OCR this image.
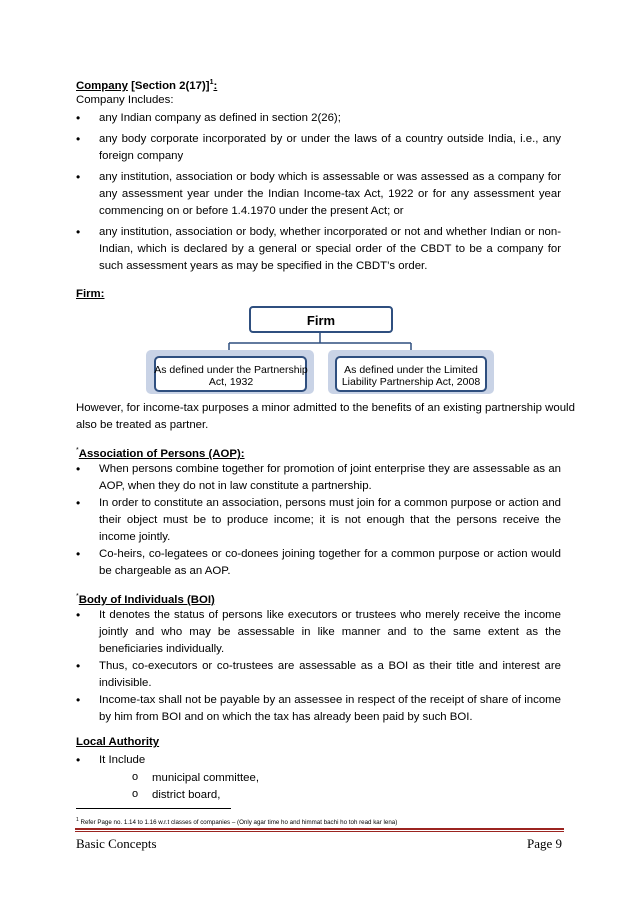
Company [Section 2(17)]$^1$:
Company Includes:
• any Indian company as defined in section 2(26);
• any body corporate incorporated by or under the laws of a country outside India, i.e., any foreign company
• any institution, association or body which is assessable or was assessed as a company for any assessment year under the Indian Income-tax Act, 1922 or for any assessment year commencing on or before 1.4.1970 under the present Act; or
• any institution, association or body, whether incorporated or not and whether Indian or non-Indian, which is declared by a general or special order of the CBDT to be a company for such assessment years as may be specified in the CBDT’s order.
Firm:
Firm
As defined under the Partnership
Act, 1932
As defined under the Limited
Liability Partnership Act, 2008
However, for income-tax purposes a minor admitted to the benefits of an existing partnership would
also be treated as partner.
*Association of Persons (AOP):
• When persons combine together for promotion of joint enterprise they are assessable as an AOP, when they do not in law constitute a partnership.
• In order to constitute an association, persons must join for a common purpose or action and their object must be to produce income; it is not enough that the persons receive the income jointly.
• Co-heirs, co-legatees or co-donees joining together for a common purpose or action would be chargeable as an AOP.
*Body of Individuals (BOI)
• It denotes the status of persons like executors or trustees who merely receive the income jointly and who may be assessable in like manner and to the same extent as the beneficiaries individually.
• Thus, co-executors or co-trustees are assessable as a BOI as their title and interest are indivisible.
• Income-tax shall not be payable by an assessee in respect of the receipt of share of income by him from BOI and on which the tax has already been paid by such BOI.
Local Authority
• It Include
o municipal committee,
o district board,
$^1$ Refer Page no. 1.14 to 1.16 w.r.t classes of companies – (Only agar time ho and himmat bachi ho toh read kar lena)
Basic Concepts	Page 9
